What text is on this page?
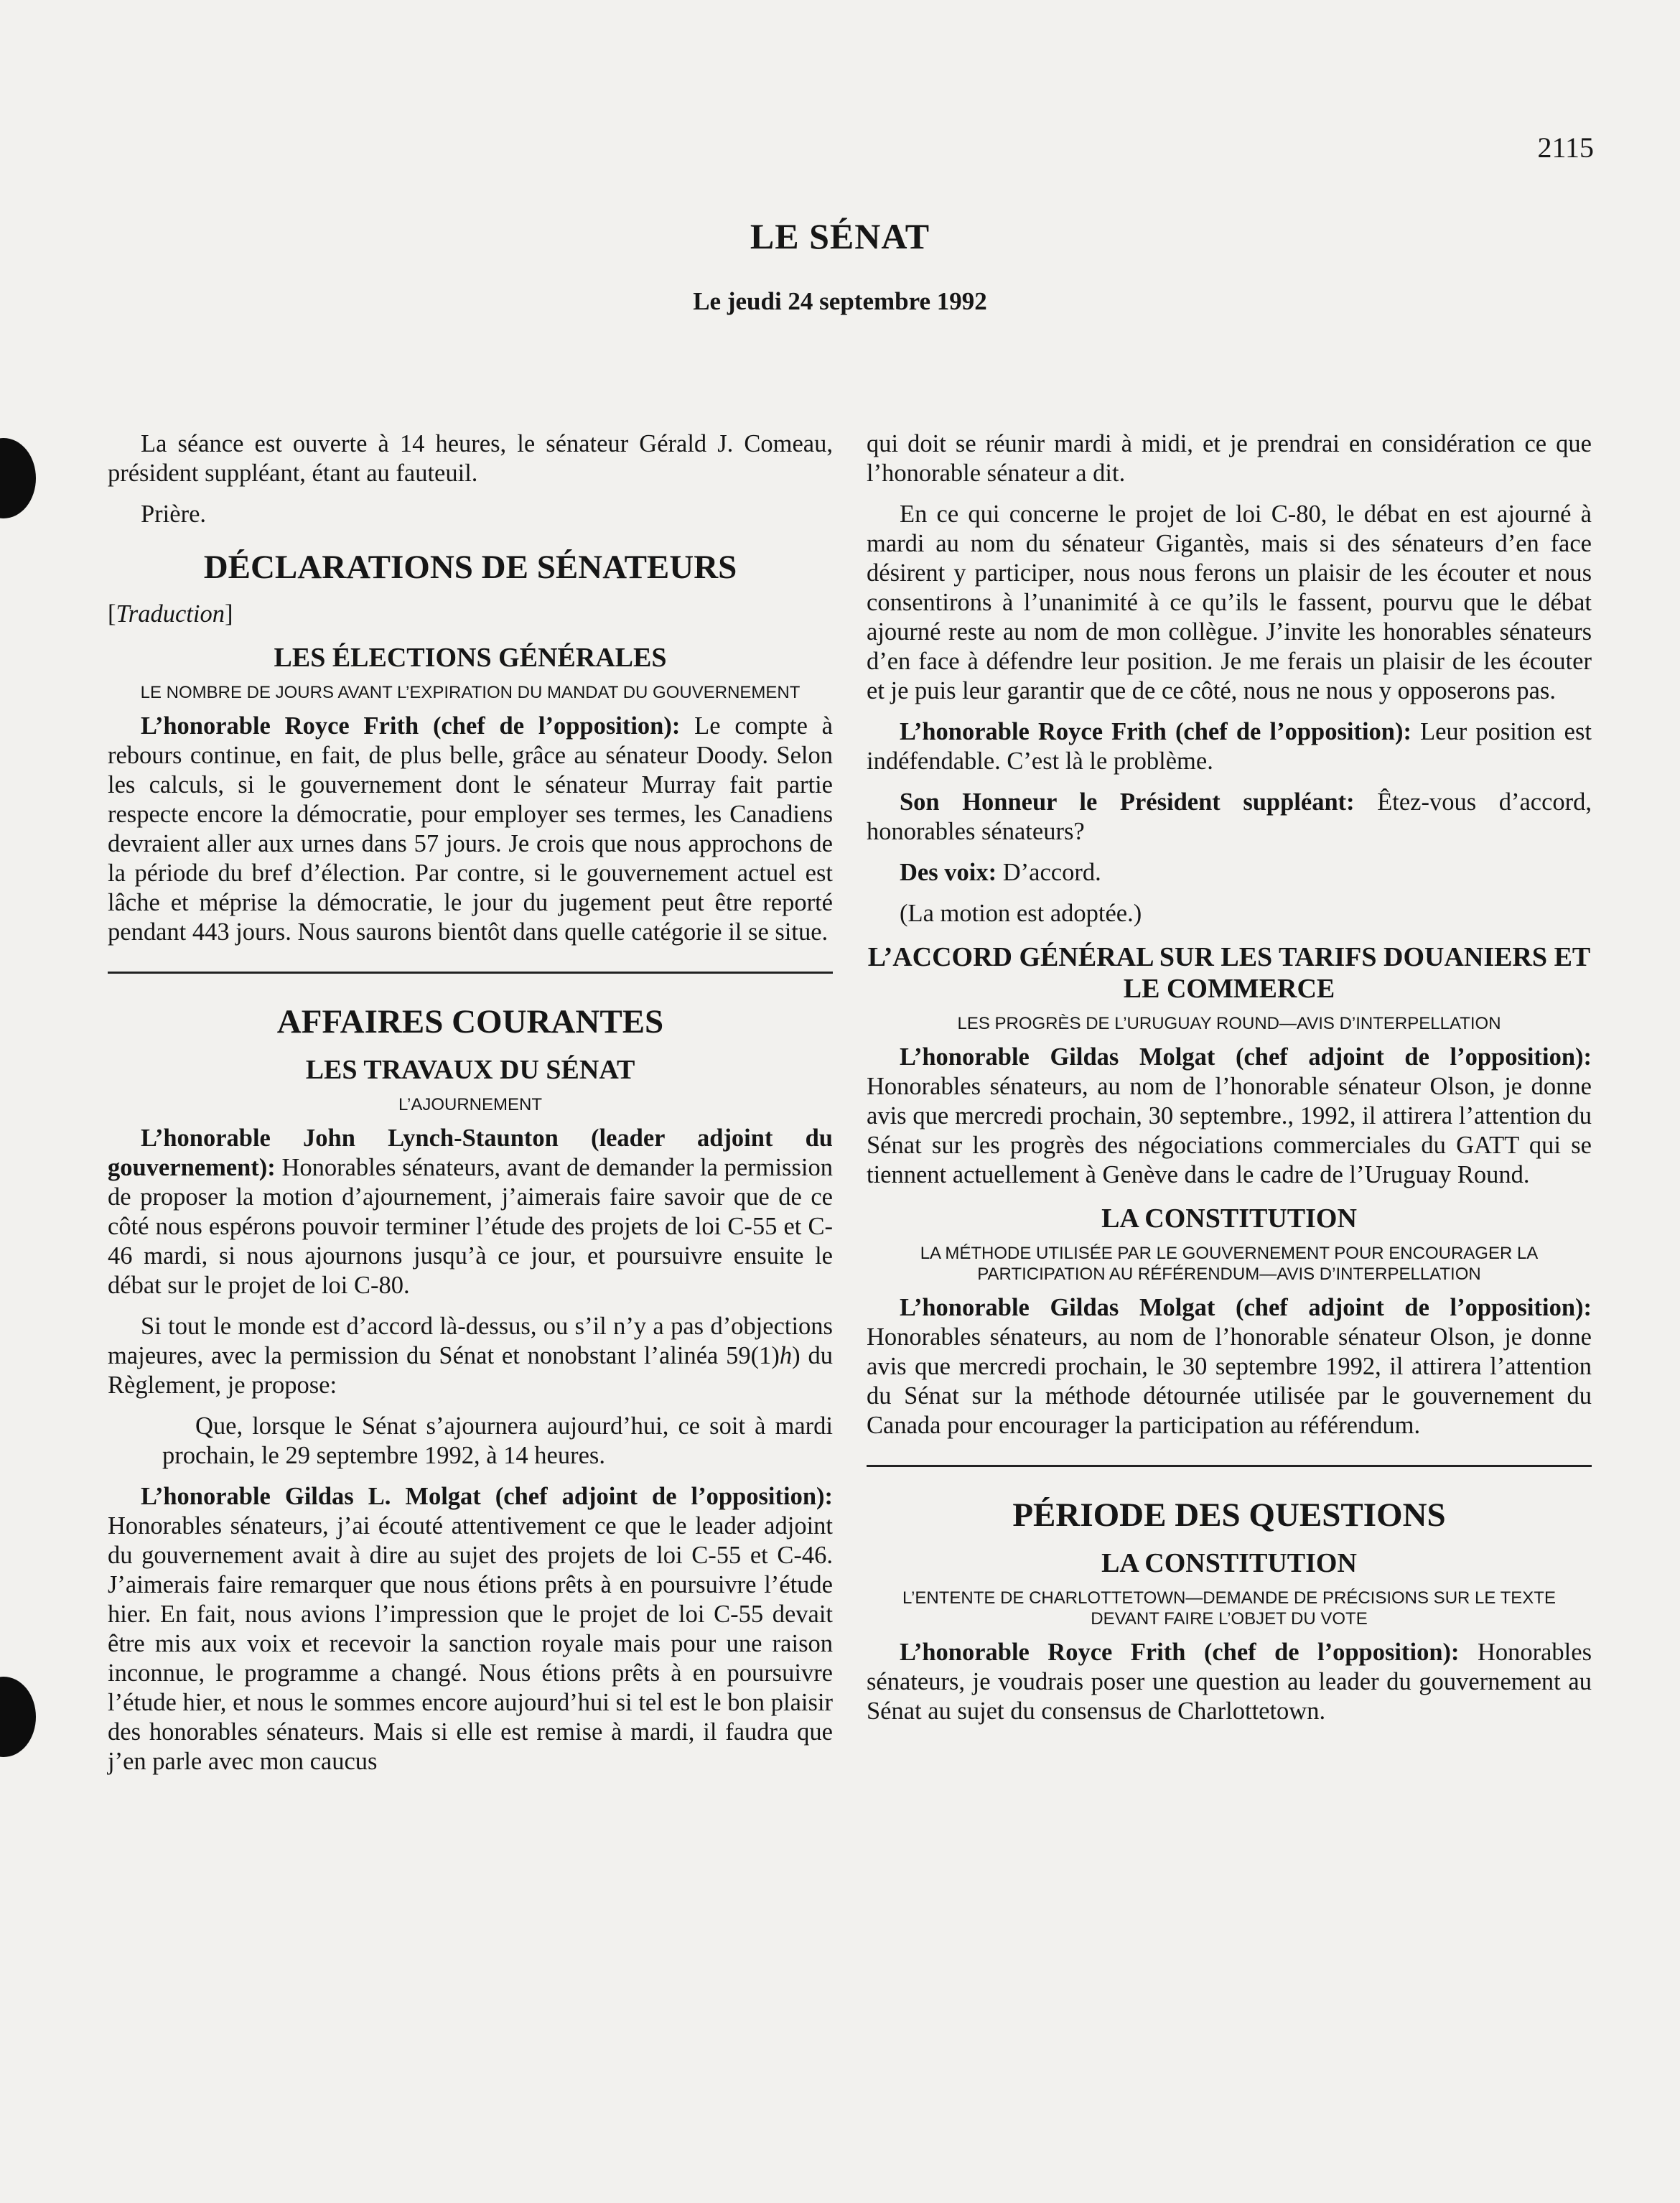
2115
LE SÉNAT
Le jeudi 24 septembre 1992

La séance est ouverte à 14 heures, le sénateur Gérald J. Comeau, président suppléant, étant au fauteuil.

Prière.

DÉCLARATIONS DE SÉNATEURS

[Traduction]

LES ÉLECTIONS GÉNÉRALES
LE NOMBRE DE JOURS AVANT L’EXPIRATION DU MANDAT DU GOUVERNEMENT

L’honorable Royce Frith (chef de l’opposition): Le compte à rebours continue, en fait, de plus belle, grâce au sénateur Doody. Selon les calculs, si le gouvernement dont le sénateur Murray fait partie respecte encore la démocratie, pour employer ses termes, les Canadiens devraient aller aux urnes dans 57 jours. Je crois que nous approchons de la période du bref d’élection. Par contre, si le gouvernement actuel est lâche et méprise la démocratie, le jour du jugement peut être reporté pendant 443 jours. Nous saurons bientôt dans quelle catégorie il se situe.

AFFAIRES COURANTES
LES TRAVAUX DU SÉNAT
L’AJOURNEMENT

L’honorable John Lynch-Staunton (leader adjoint du gouvernement): Honorables sénateurs, avant de demander la permission de proposer la motion d’ajournement, j’aimerais faire savoir que de ce côté nous espérons pouvoir terminer l’étude des projets de loi C-55 et C-46 mardi, si nous ajournons jusqu’à ce jour, et poursuivre ensuite le débat sur le projet de loi C-80.

Si tout le monde est d’accord là-dessus, ou s’il n’y a pas d’objections majeures, avec la permission du Sénat et nonobstant l’alinéa 59(1)h) du Règlement, je propose:

Que, lorsque le Sénat s’ajournera aujourd’hui, ce soit à mardi prochain, le 29 septembre 1992, à 14 heures.

L’honorable Gildas L. Molgat (chef adjoint de l’opposition): Honorables sénateurs, j’ai écouté attentivement ce que le leader adjoint du gouvernement avait à dire au sujet des projets de loi C-55 et C-46. J’aimerais faire remarquer que nous étions prêts à en poursuivre l’étude hier. En fait, nous avions l’impression que le projet de loi C-55 devait être mis aux voix et recevoir la sanction royale mais pour une raison inconnue, le programme a changé. Nous étions prêts à en poursuivre l’étude hier, et nous le sommes encore aujourd’hui si tel est le bon plaisir des honorables sénateurs. Mais si elle est remise à mardi, il faudra que j’en parle avec mon caucus

qui doit se réunir mardi à midi, et je prendrai en considération ce que l’honorable sénateur a dit.

En ce qui concerne le projet de loi C-80, le débat en est ajourné à mardi au nom du sénateur Gigantès, mais si des sénateurs d’en face désirent y participer, nous nous ferons un plaisir de les écouter et nous consentirons à l’unanimité à ce qu’ils le fassent, pourvu que le débat ajourné reste au nom de mon collègue. J’invite les honorables sénateurs d’en face à défendre leur position. Je me ferais un plaisir de les écouter et je puis leur garantir que de ce côté, nous ne nous y opposerons pas.

L’honorable Royce Frith (chef de l’opposition): Leur position est indéfendable. C’est là le problème.

Son Honneur le Président suppléant: Êtez-vous d’accord, honorables sénateurs?

Des voix: D’accord.

(La motion est adoptée.)

L’ACCORD GÉNÉRAL SUR LES TARIFS DOUANIERS ET LE COMMERCE
LES PROGRÈS DE L’URUGUAY ROUND—AVIS D’INTERPELLATION

L’honorable Gildas Molgat (chef adjoint de l’opposition): Honorables sénateurs, au nom de l’honorable sénateur Olson, je donne avis que mercredi prochain, 30 septembre., 1992, il attirera l’attention du Sénat sur les progrès des négociations commerciales du GATT qui se tiennent actuellement à Genève dans le cadre de l’Uruguay Round.

LA CONSTITUTION
LA MÉTHODE UTILISÉE PAR LE GOUVERNEMENT POUR ENCOURAGER LA PARTICIPATION AU RÉFÉRENDUM—AVIS D’INTERPELLATION

L’honorable Gildas Molgat (chef adjoint de l’opposition): Honorables sénateurs, au nom de l’honorable sénateur Olson, je donne avis que mercredi prochain, le 30 septembre 1992, il attirera l’attention du Sénat sur la méthode détournée utilisée par le gouvernement du Canada pour encourager la participation au référendum.

PÉRIODE DES QUESTIONS
LA CONSTITUTION
L’ENTENTE DE CHARLOTTETOWN—DEMANDE DE PRÉCISIONS SUR LE TEXTE DEVANT FAIRE L’OBJET DU VOTE

L’honorable Royce Frith (chef de l’opposition): Honorables sénateurs, je voudrais poser une question au leader du gouvernement au Sénat au sujet du consensus de Charlottetown.
